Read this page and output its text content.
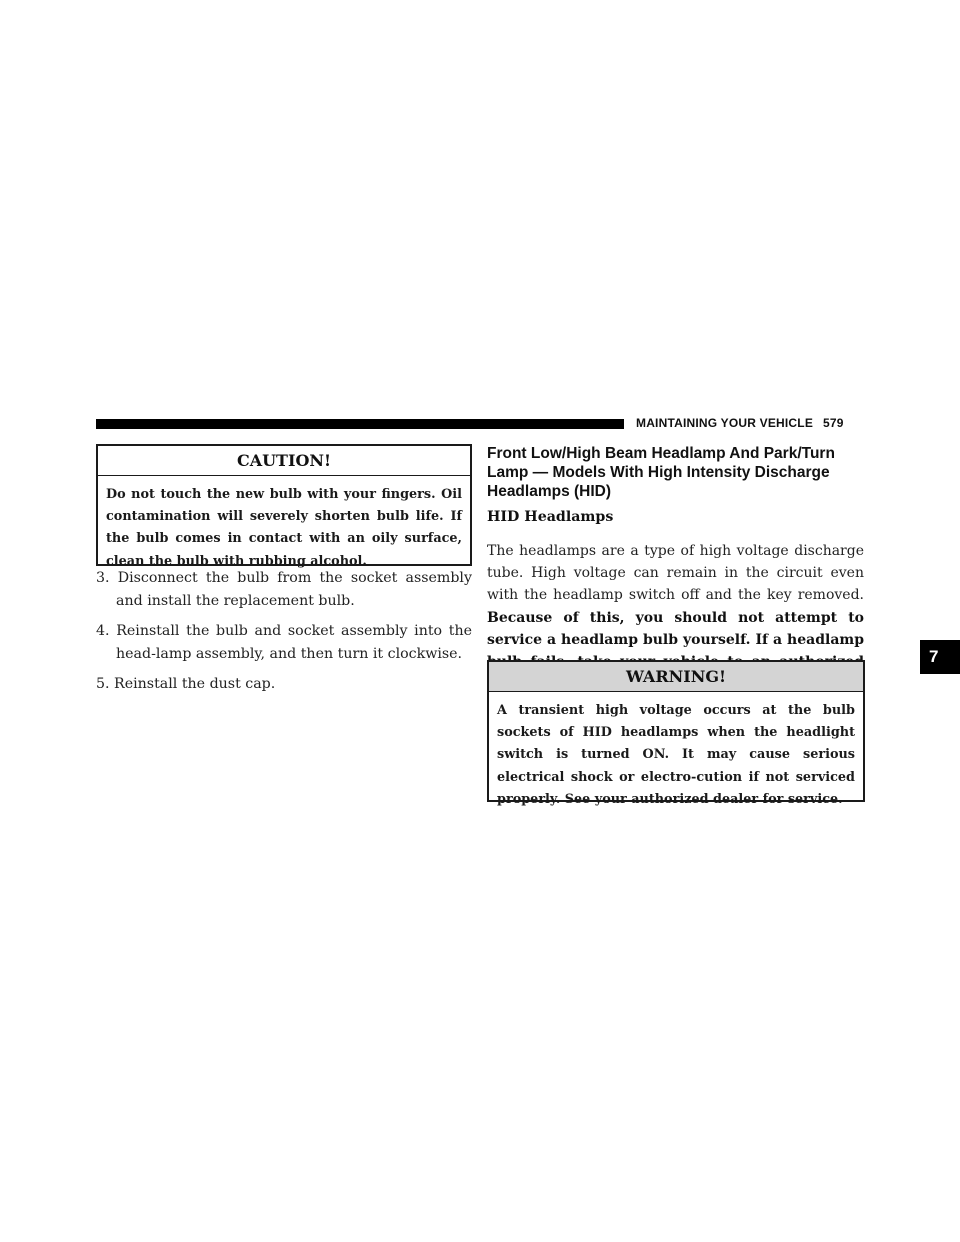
MAINTAINING YOUR VEHICLE 579
CAUTION!
Do not touch the new bulb with your fingers. Oil contamination will severely shorten bulb life. If the bulb comes in contact with an oily surface, clean the bulb with rubbing alcohol.
3. Disconnect the bulb from the socket assembly and install the replacement bulb.
4. Reinstall the bulb and socket assembly into the head-lamp assembly, and then turn it clockwise.
5. Reinstall the dust cap.
Front Low/High Beam Headlamp And Park/Turn Lamp — Models With High Intensity Discharge Headlamps (HID)
HID Headlamps
The headlamps are a type of high voltage discharge tube. High voltage can remain in the circuit even with the headlamp switch off and the key removed. Because of this, you should not attempt to service a headlamp bulb yourself. If a headlamp
WARNING!
A transient high voltage occurs at the bulb sockets of HID headlamps when the headlight switch is turned ON. It may cause serious electrical shock or electro-cution if not serviced properly. See your authorized dealer for service.
7
